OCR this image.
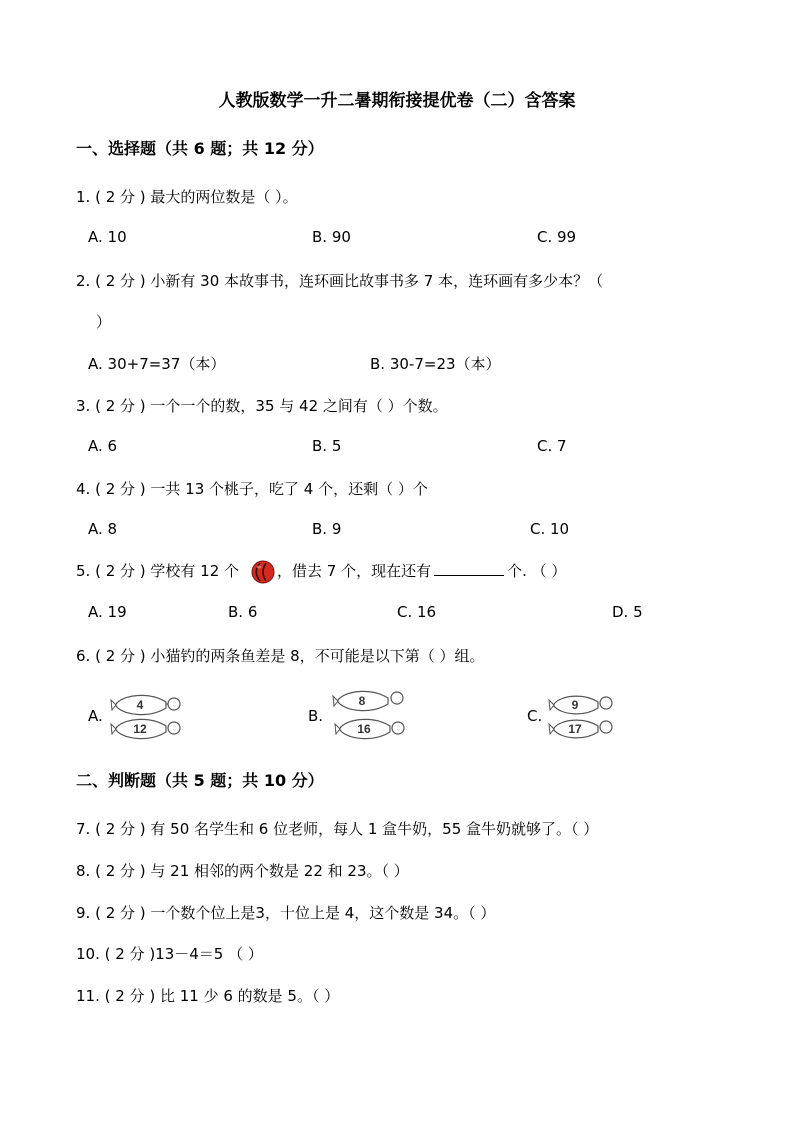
人教版数学一升二暑期衔接提优卷（二）含答案
一、选择题（共 6 题；共 12 分）
1. ( 2 分 ) 最大的两位数是（ ）。
A. 10	B. 90	C. 99
2. ( 2 分 ) 小新有 30 本故事书，连环画比故事书多 7 本，连环画有多少本？（
）
A. 30+7=37（本）	B. 30-7=23（本）
3. ( 2 分 ) 一个一个的数，35 与 42 之间有（ ）个数。
A. 6	B. 5	C. 7
4. ( 2 分 ) 一共 13 个桃子，吃了 4 个，还剩（ ）个
A. 8	B. 9	C. 10
5. ( 2 分 ) 学校有 12 个	，借去 7 个，现在还有	个. （ ）
A. 19	B. 6	C. 16	D. 5
6. ( 2 分 ) 小猫钓的两条鱼差是 8，不可能是以下第（ ）组。
A.
4
12
B.
8
16
C.
9
17
二、判断题（共 5 题；共 10 分）
7. ( 2 分 ) 有 50 名学生和 6 位老师，每人 1 盒牛奶，55 盒牛奶就够了。（ ）
8. ( 2 分 ) 与 21 相邻的两个数是 22 和 23。（ ）
9. ( 2 分 ) 一个数个位上是3，十位上是 4，这个数是 34。（ ）
10. ( 2 分 )13－4＝5 （ ）
11. ( 2 分 ) 比 11 少 6 的数是 5。（ ）
